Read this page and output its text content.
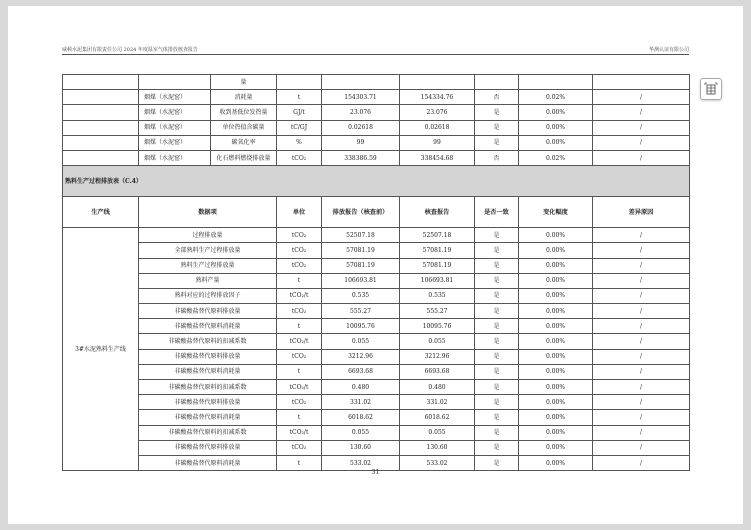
威顿水泥集团有限责任公司 2024 年度温室气体排放核查报告	华测认证有限公司
		量						
	烟煤（水泥窑）	消耗量	t	154303.71	154334.76	否	0.02%	/
	烟煤（水泥窑）	收到基低位发热量	GJ/t	23.076	23.076	是	0.00%	/
	烟煤（水泥窑）	单位热值含碳量	tC/GJ	0.02618	0.02618	是	0.00%	/
	烟煤（水泥窑）	碳氧化率	%	99	99	是	0.00%	/
	烟煤（水泥窑）	化石燃料燃烧排放量	tCO₂	338386.59	338454.68	否	0.02%	/
熟料生产过程排放表（C.4）								
生产线	数据项		单位	排放报告（核查前）	核查报告	是否一致	变化幅度	差异原因
3#水泥熟料生产线	过程排放量		tCO₂	52507.18	52507.18	是	0.00%	/
	全部熟料生产过程排放量		tCO₂	57081.19	57081.19	是	0.00%	/
	熟料生产过程排放量		tCO₂	57081.19	57081.19	是	0.00%	/
	熟料产量		t	106693.81	106693.81	是	0.00%	/
	熟料对应的过程排放因子		tCO₂/t	0.535	0.535	是	0.00%	/
	非碳酸盐替代原料排放量		tCO₂	555.27	555.27	是	0.00%	/
	非碳酸盐替代原料消耗量		t	10095.76	10095.76	是	0.00%	/
	非碳酸盐替代原料的扣减系数		tCO₂/t	0.055	0.055	是	0.00%	/
	非碳酸盐替代原料排放量		tCO₂	3212.96	3212.96	是	0.00%	/
	非碳酸盐替代原料消耗量		t	6693.68	6693.68	是	0.00%	/
	非碳酸盐替代原料的扣减系数		tCO₂/t	0.480	0.480	是	0.00%	/
	非碳酸盐替代原料排放量		tCO₂	331.02	331.02	是	0.00%	/
	非碳酸盐替代原料消耗量		t	6018.62	6018.62	是	0.00%	/
	非碳酸盐替代原料的扣减系数		tCO₂/t	0.055	0.055	是	0.00%	/
	非碳酸盐替代原料排放量		tCO₂	130.60	130.60	是	0.00%	/
	非碳酸盐替代原料消耗量		t	533.02	533.02	是	0.00%	/
31
